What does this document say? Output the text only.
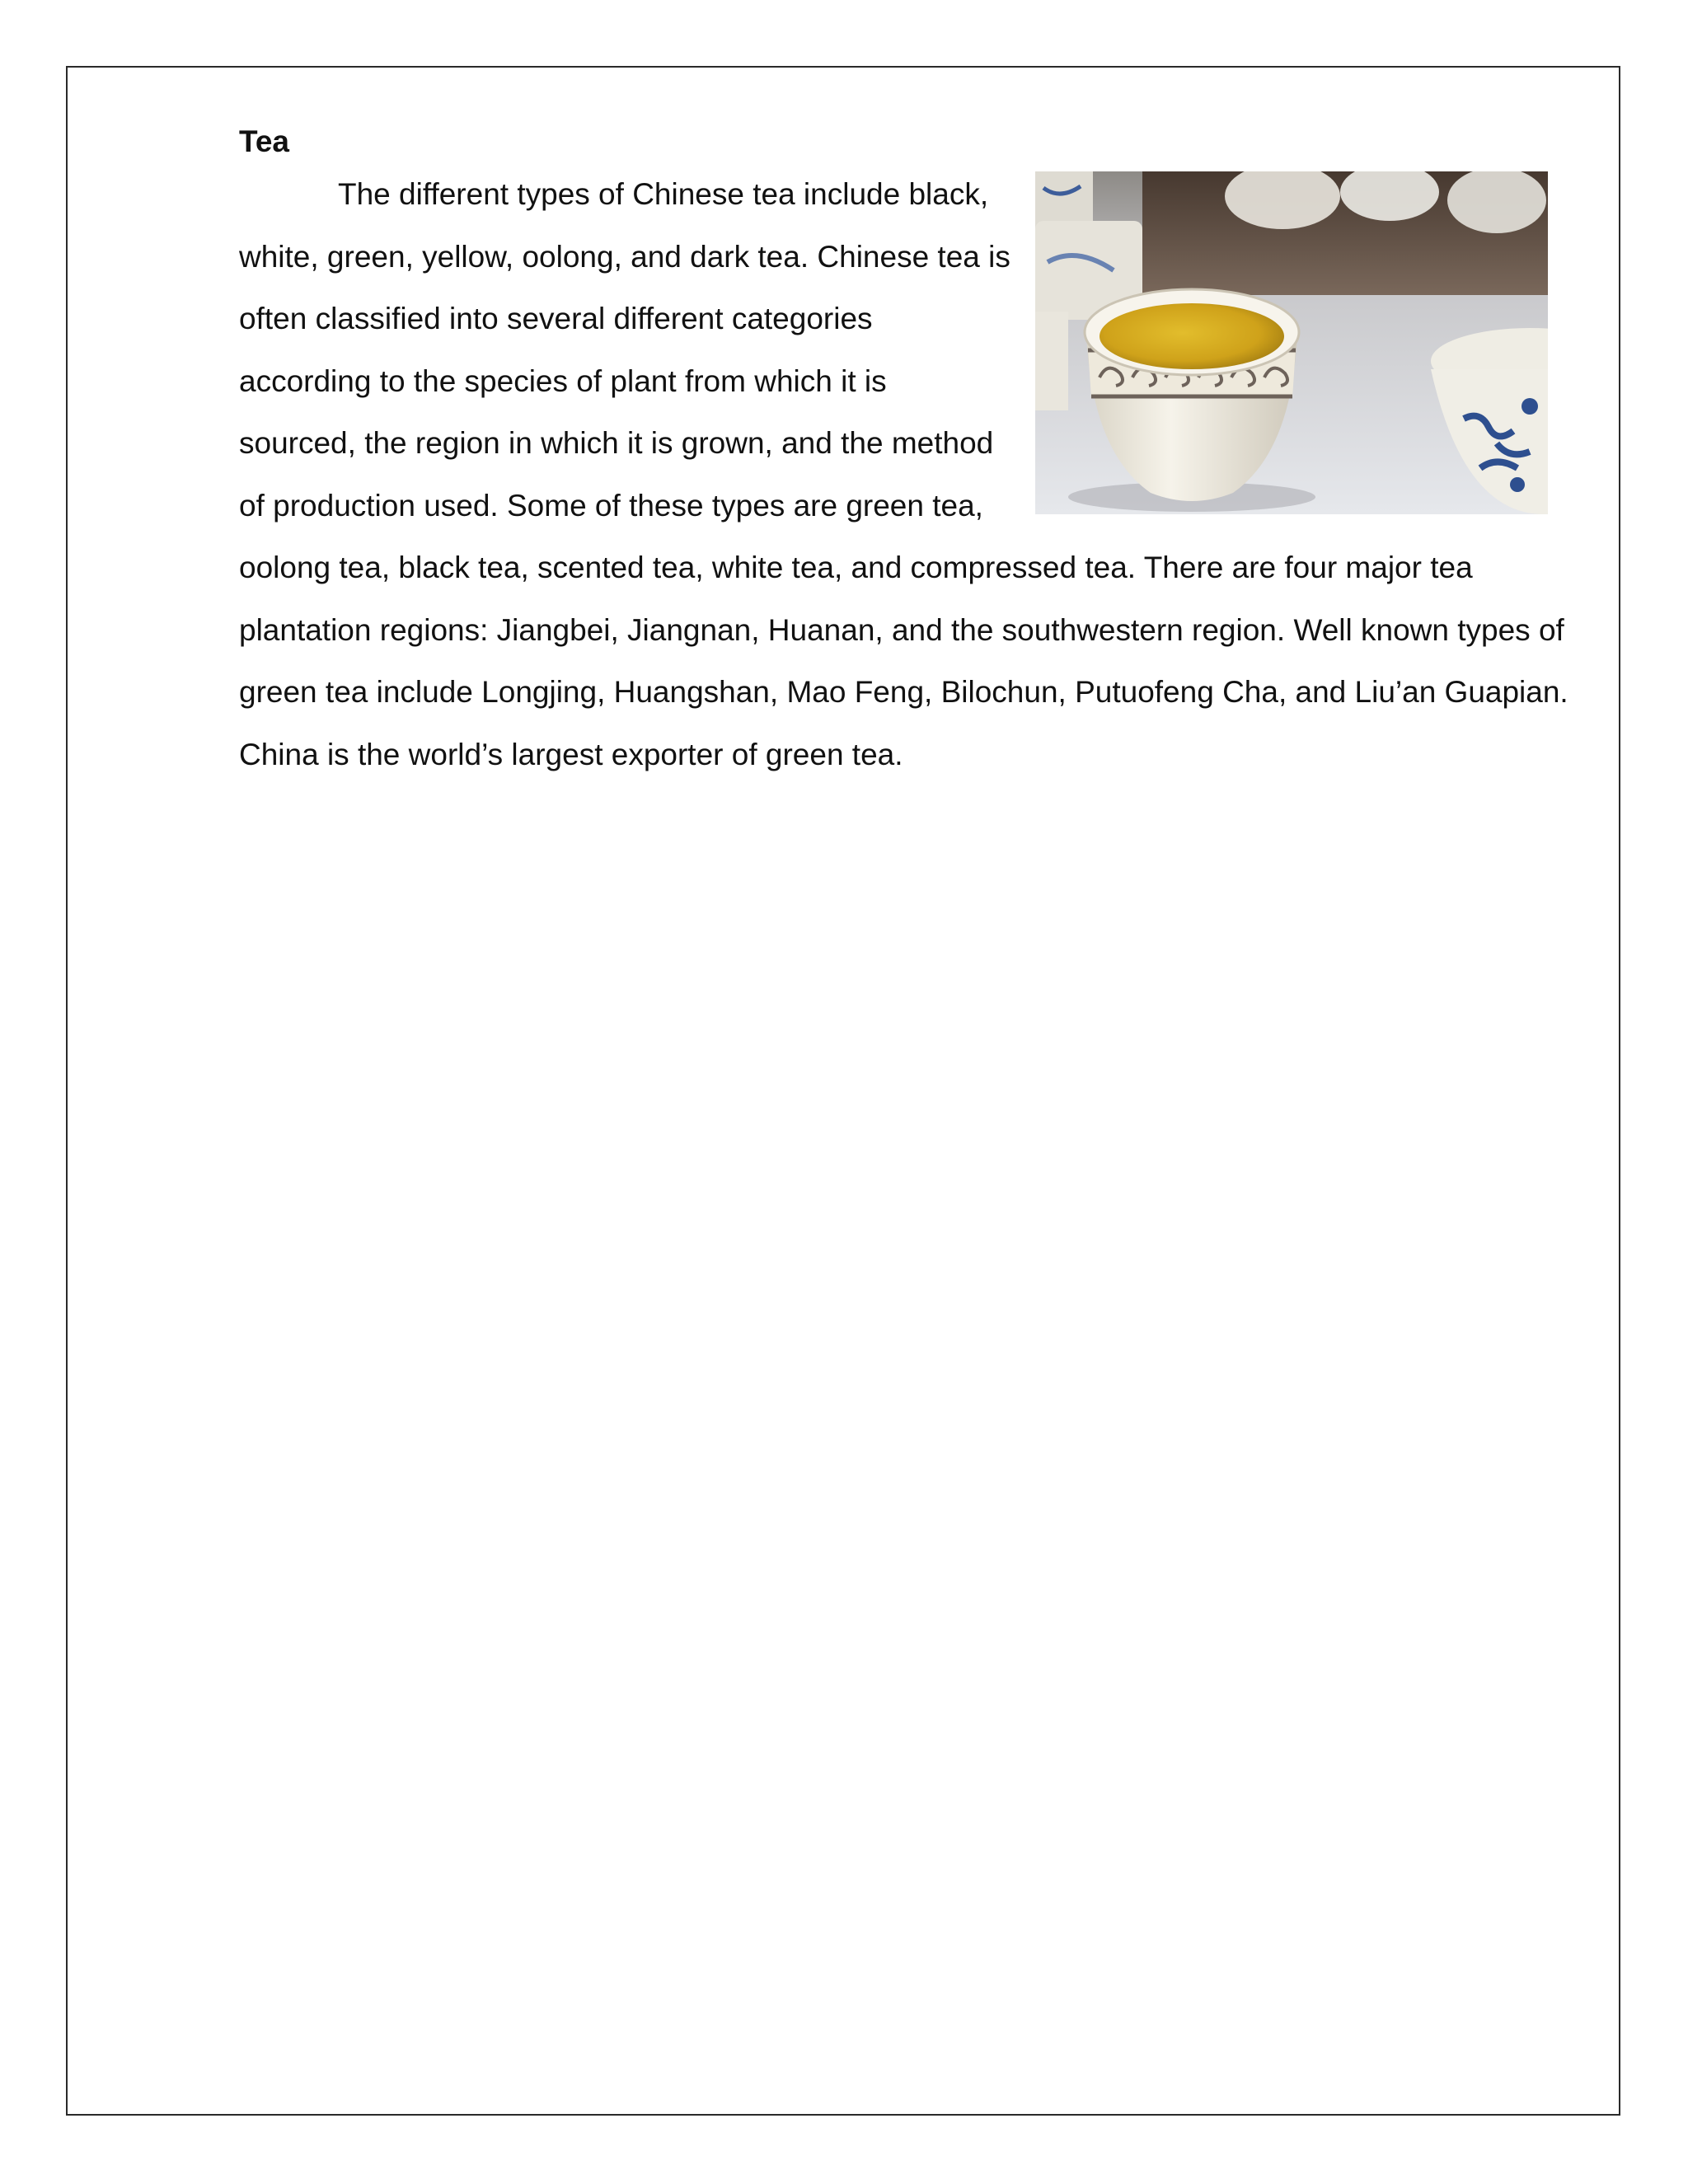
Tea

The different types of Chinese tea include black, white, green, yellow, oolong, and dark tea. Chinese tea is often classified into several different categories according to the species of plant from which it is sourced, the region in which it is grown, and the method of production used. Some of these types are green tea, oolong tea, black tea, scented tea, white tea, and compressed tea. There are four major tea plantation regions: Jiangbei, Jiangnan, Huanan, and the southwestern region. Well known types of green tea include Longjing, Huangshan, Mao Feng, Bilochun, Putuofeng Cha, and Liu’an Guapian. China is the world’s largest exporter of green tea.
